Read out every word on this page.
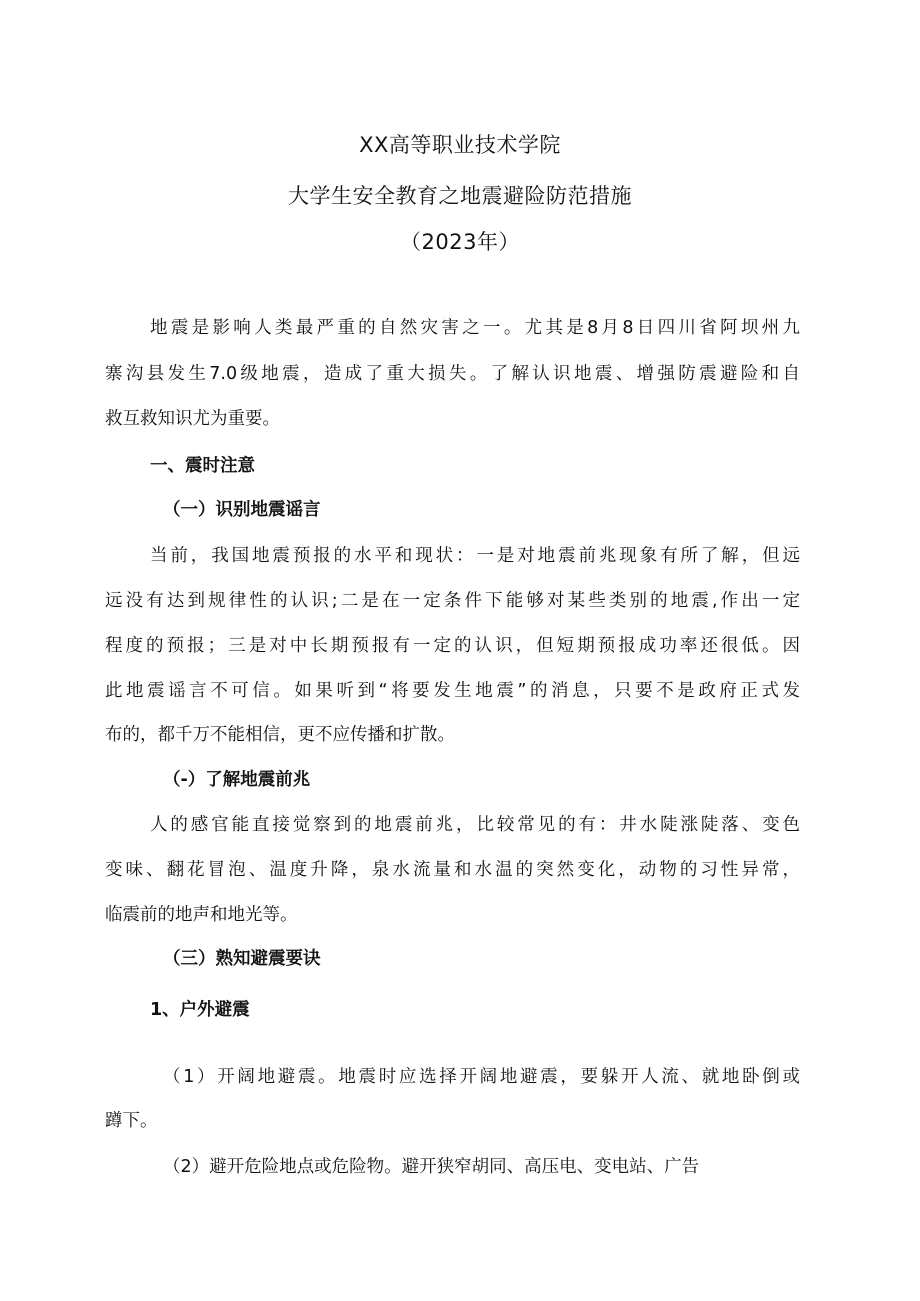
XX高等职业技术学院
大学生安全教育之地震避险防范措施
（2023年）
地震是影响人类最严重的自然灾害之一。尤其是8月8日四川省阿坝州九
寨沟县发生7.0级地震，造成了重大损失。了解认识地震、增强防震避险和自
救互救知识尤为重要。
一、震时注意
（一）识别地震谣言
当前，我国地震预报的水平和现状：一是对地震前兆现象有所了解，但远
远没有达到规律性的认识;二是在一定条件下能够对某些类别的地震,作出一定
程度的预报；三是对中长期预报有一定的认识，但短期预报成功率还很低。因
此地震谣言不可信。如果听到“将要发生地震”的消息，只要不是政府正式发
布的，都千万不能相信，更不应传播和扩散。
（-）了解地震前兆
人的感官能直接觉察到的地震前兆，比较常见的有：井水陡涨陡落、变色
变味、翻花冒泡、温度升降，泉水流量和水温的突然变化，动物的习性异常，
临震前的地声和地光等。
（三）熟知避震要诀
1、户外避震
（1）开阔地避震。地震时应选择开阔地避震，要躲开人流、就地卧倒或
蹲下。
（2）避开危险地点或危险物。避开狭窄胡同、高压电、变电站、广告
